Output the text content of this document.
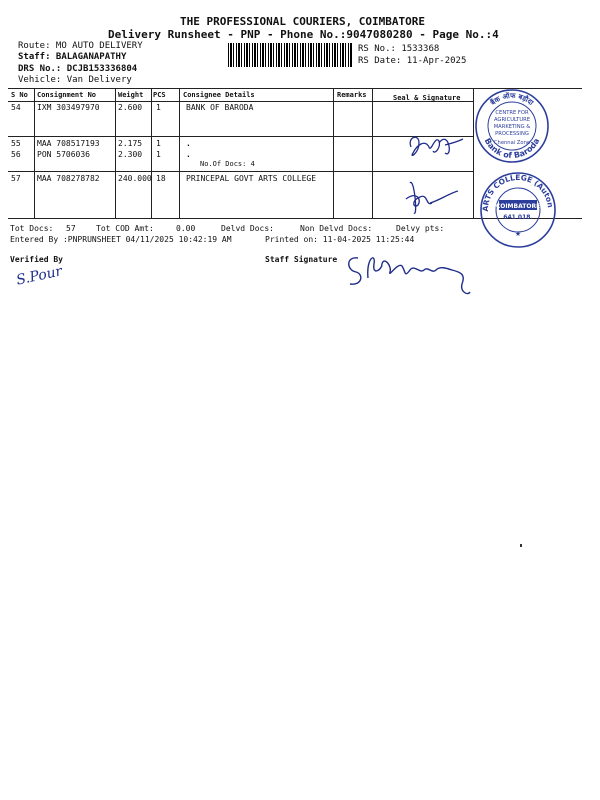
THE PROFESSIONAL COURIERS, COIMBATORE
Delivery Runsheet - PNP - Phone No.:9047080280 - Page No.:4
Route: MO AUTO DELIVERY
Staff: BALAGANAPATHY
DRS No.: DCJB153336804
Vehicle: Van Delivery
RS No.: 1533368
RS Date: 11-Apr-2025
S No Consignment No	Weight PCS Consignee Details	Remarks	Seal & Signature
54 IXM 303497970 2.600 1	BANK OF BARODA
55 MAA 708517193 2.175 1	.
56 PON 5706036	2.300 1	.
No.Of Docs: 4
57 MAA 708278782 240.000 18	PRINCEPAL GOVT ARTS COLLEGE
बैंक ऑफ बड़ौदा
CENTRE FOR
AGRICULTURE
MARKETING &
PROCESSING
Chennai Zone
Bank of Baroda
GOVT. ARTS COLLEGE (Autonomous)
COIMBATORE
641 018.
★
Tot Docs: 57	Tot COD Amt:	0.00	Delvd Docs:	Non Delvd Docs:	Delvy pts:
Entered By :PNPRUNSHEET 04/11/2025 10:42:19 AM	Printed on: 11-04-2025 11:25:44
Verified By	Staff Signature
S.Pour
